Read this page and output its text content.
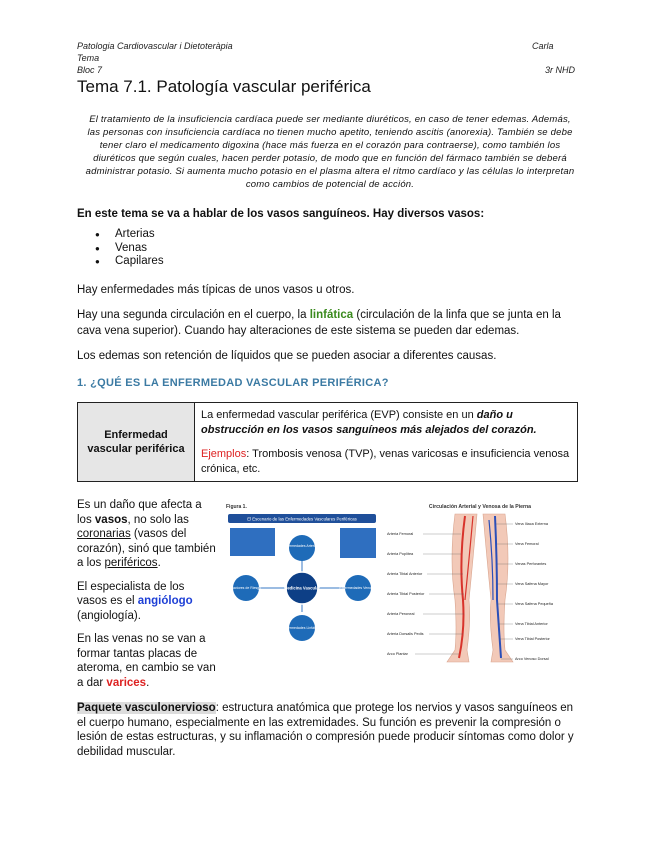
Patologia Cardiovascular i Dietoteràpia
Tema
Bloc 7
Carla
3r NHD
Tema 7.1. Patología vascular periférica
El tratamiento de la insuficiencia cardíaca puede ser mediante diuréticos, en caso de tener edemas. Además, las personas con insuficiencia cardíaca no tienen mucho apetito, teniendo ascitis (anorexia). También se debe tener claro el medicamento digoxina (hace más fuerza en el corazón para contraerse), como también los diuréticos que según cuales, hacen perder potasio, de modo que en función del fármaco también se deberá administrar potasio. Si aumenta mucho potasio en el plasma altera el ritmo cardíaco y las células lo interpretan como cambios de potencial de acción.
En este tema se va a hablar de los vasos sanguíneos. Hay diversos vasos:
● Arterias
● Venas
● Capilares
Hay enfermedades más típicas de unos vasos u otros.
Hay una segunda circulación en el cuerpo, la linfática (circulación de la linfa que se junta en la cava vena superior). Cuando hay alteraciones de este sistema se pueden dar edemas.
Los edemas son retención de líquidos que se pueden asociar a diferentes causas.
1. ¿QUÉ ES LA ENFERMEDAD VASCULAR PERIFÉRICA?
Enfermedad vascular periférica	La enfermedad vascular periférica (EVP) consiste en un daño u obstrucción en los vasos sanguíneos más alejados del corazón.
Ejemplos: Trombosis venosa (TVP), venas varicosas e insuficiencia venosa crónica, etc.

Es un daño que afecta a los vasos, no solo las coronarias (vasos del corazón), sinó que también a los periféricos.

El especialista de los vasos es el angiólogo (angiología).

En las venas no se van a formar tantas placas de ateroma, en cambio se van a dar varices.

Figura 1.
El Escenario de las Enfermedades Vasculares Periféricas
Enfermedades Arteriales
Factores de Riesgo	Enfermedades Venosas
Enfermedades Linfáticas
Medicina Vascular
Circulación Arterial y Venosa de la Pierna
Arteria Femoral
Arteria Poplítea
Arteria Tibial Anterior
Arteria Tibial Posterior
Arteria Peroneal
Arteria Dorsalis Pedis
Arco Plantar
Vena Ilíaca Externa
Vena Femoral
Venas Perforantes
Vena Safena Mayor
Vena Safena Pequeña
Vena Tibial Anterior
Vena Tibial Posterior
Arco Venoso Dorsal
Paquete vasculonervioso: estructura anatómica que protege los nervios y vasos sanguíneos en el cuerpo humano, especialmente en las extremidades. Su función es prevenir la compresión o lesión de estas estructuras, y su inflamación o compresión puede producir síntomas como dolor y debilidad muscular.
